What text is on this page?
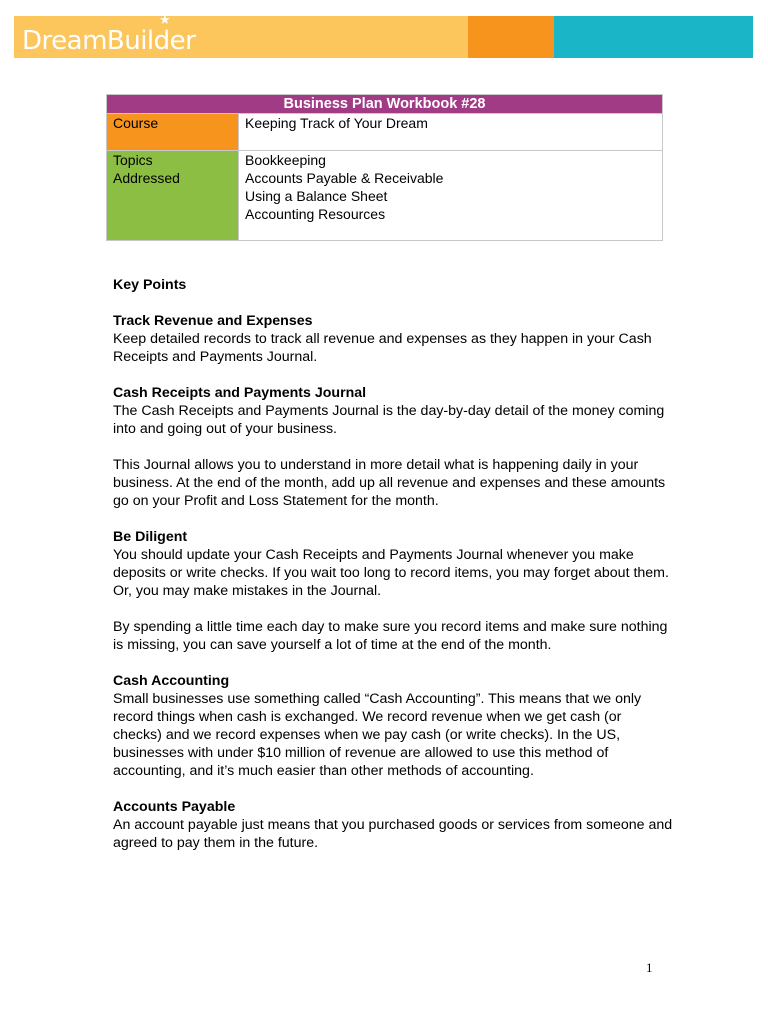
DreamBuilder
★
Business Plan Workbook #28	
Course	Keeping Track of Your Dream

Topics
Addressed	Bookkeeping
Accounts Payable & Receivable
Using a Balance Sheet
Accounting Resources
Key Points
Track Revenue and Expenses

Keep detailed records to track all revenue and expenses as they happen in your Cash Receipts and Payments Journal.

Cash Receipts and Payments Journal

The Cash Receipts and Payments Journal is the day-by-day detail of the money coming into and going out of your business.

This Journal allows you to understand in more detail what is happening daily in your business. At the end of the month, add up all revenue and expenses and these amounts go on your Profit and Loss Statement for the month.

Be Diligent

You should update your Cash Receipts and Payments Journal whenever you make deposits or write checks. If you wait too long to record items, you may forget about them. Or, you may make mistakes in the Journal.

By spending a little time each day to make sure you record items and make sure nothing is missing, you can save yourself a lot of time at the end of the month.

Cash Accounting

Small businesses use something called “Cash Accounting”. This means that we only record things when cash is exchanged. We record revenue when we get cash (or checks) and we record expenses when we pay cash (or write checks). In the US, businesses with under $10 million of revenue are allowed to use this method of accounting, and it’s much easier than other methods of accounting.

Accounts Payable

An account payable just means that you purchased goods or services from someone and agreed to pay them in the future.

1
